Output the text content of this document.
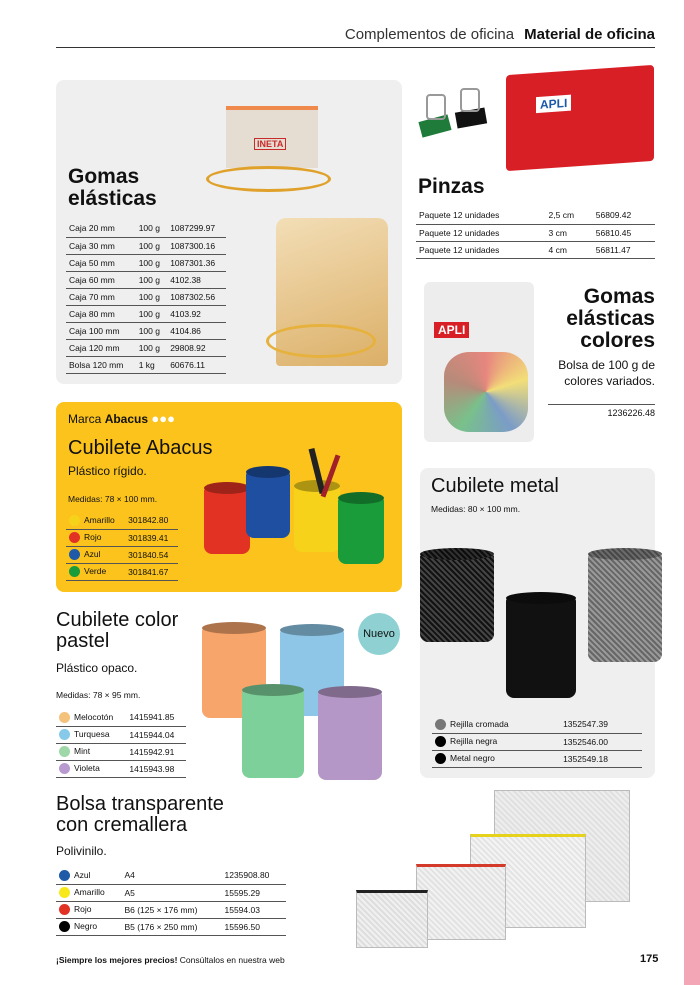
Complementos de oficina Material de oficina
Gomas elásticas
Caja 20 mm	100 g	1087299.97
Caja 30 mm	100 g	1087300.16
Caja 50 mm	100 g	1087301.36
Caja 60 mm	100 g	4102.38
Caja 70 mm	100 g	1087302.56
Caja 80 mm	100 g	4103.92
Caja 100 mm	100 g	4104.86
Caja 120 mm	100 g	29808.92
Bolsa 120 mm	1 kg	60676.11
INETA
APLI
Pinzas
Paquete 12 unidades	2,5 cm	56809.42
Paquete 12 unidades	3 cm	56810.45
Paquete 12 unidades	4 cm	56811.47
APLI
Gomas elásticas colores
Bolsa de 100 g de colores variados.
1236226.48
Marca Abacus ●●●
Cubilete Abacus
Plástico rígido.
Medidas: 78 × 100 mm.
Amarillo	301842.80
Rojo	301839.41
Azul	301840.54
Verde	301841.67
Cubilete metal
Medidas: 80 × 100 mm.
Rejilla cromada	1352547.39
Rejilla negra	1352546.00
Metal negro	1352549.18
Cubilete color pastel
Plástico opaco.
Medidas: 78 × 95 mm.
Melocotón	1415941.85
Turquesa	1415944.04
Mint	1415942.91
Violeta	1415943.98
Nuevo
Bolsa transparente con cremallera
Polivinilo.
Azul	A4	1235908.80
Amarillo	A5	15595.29
Rojo	B6 (125 × 176 mm)	15594.03
Negro	B5 (176 × 250 mm)	15596.50
¡Siempre los mejores precios! Consúltalos en nuestra web	175
